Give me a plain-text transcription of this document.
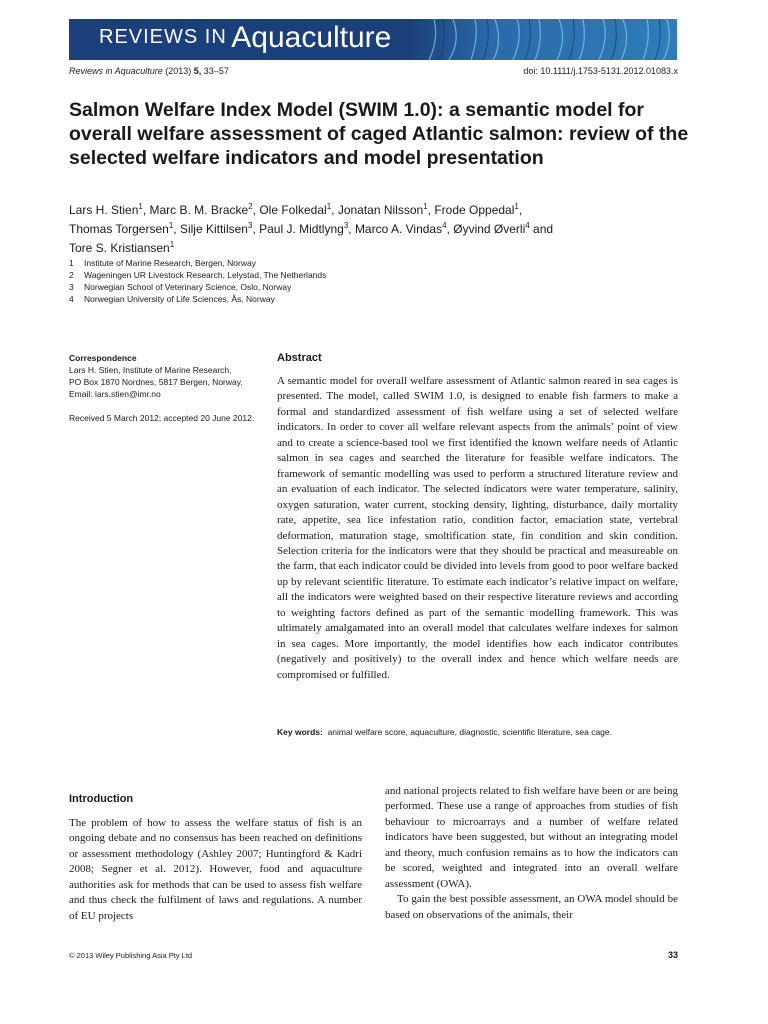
REVIEWS IN Aquaculture
Reviews in Aquaculture (2013) 5, 33–57	doi: 10.1111/j.1753-5131.2012.01083.x
Salmon Welfare Index Model (SWIM 1.0): a semantic model for overall welfare assessment of caged Atlantic salmon: review of the selected welfare indicators and model presentation
Lars H. Stien$^1$, Marc B. M. Bracke$^2$, Ole Folkedal$^1$, Jonatan Nilsson$^1$, Frode Oppedal$^1$,
Thomas Torgersen$^1$, Silje Kittilsen$^3$, Paul J. Midtlyng$^3$, Marco A. Vindas$^4$, Øyvind Øverli$^4$ and
Tore S. Kristiansen$^1$
1	Institute of Marine Research, Bergen, Norway
2	Wageningen UR Livestock Research, Lelystad, The Netherlands
3	Norwegian School of Veterinary Science, Oslo, Norway
4	Norwegian University of Life Sciences, Ås, Norway

Correspondence

Lars H. Stien, Institute of Marine Research,

PO Box 1870 Nordnes, 5817 Bergen, Norway.

Email: lars.stien@imr.no

Received 5 March 2012; accepted 20 June 2012.

Abstract

A semantic model for overall welfare assessment of Atlantic salmon reared in sea cages is presented. The model, called SWIM 1.0, is designed to enable fish farmers to make a formal and standardized assessment of fish welfare using a set of selected welfare indicators. In order to cover all welfare relevant aspects from the animals’ point of view and to create a science-based tool we first identified the known welfare needs of Atlantic salmon in sea cages and searched the literature for feasible welfare indicators. The framework of semantic modelling was used to perform a structured literature review and an evaluation of each indicator. The selected indicators were water temperature, salinity, oxygen saturation, water current, stocking density, lighting, disturbance, daily mortality rate, appetite, sea lice infestation ratio, condition factor, emaciation state, vertebral deformation, maturation stage, smoltification state, fin condition and skin condition. Selection criteria for the indicators were that they should be practical and measureable on the farm, that each indicator could be divided into levels from good to poor welfare backed up by relevant scientific literature. To estimate each indicator’s relative impact on welfare, all the indicators were weighted based on their respective literature reviews and according to weighting factors defined as part of the semantic modelling framework. This was ultimately amalgamated into an overall model that calculates welfare indexes for salmon in sea cages. More importantly, the model identifies how each indicator contributes (negatively and positively) to the overall index and hence which welfare needs are compromised or fulfilled.

Key words: animal welfare score, aquaculture, diagnostic, scientific literature, sea cage.
Introduction

The problem of how to assess the welfare status of fish is an ongoing debate and no consensus has been reached on definitions or assessment methodology (Ashley 2007; Huntingford & Kadri 2008; Segner et al. 2012). However, food and aquaculture authorities ask for methods that can be used to assess fish welfare and thus check the fulfilment of laws and regulations. A number of EU projects

and national projects related to fish welfare have been or are being performed. These use a range of approaches from studies of fish behaviour to microarrays and a number of welfare related indicators have been suggested, but without an integrating model and theory, much confusion remains as to how the indicators can be scored, weighted and integrated into an overall welfare assessment (OWA).
To gain the best possible assessment, an OWA model should be based on observations of the animals, their
© 2013 Wiley Publishing Asia Pty Ltd	33
